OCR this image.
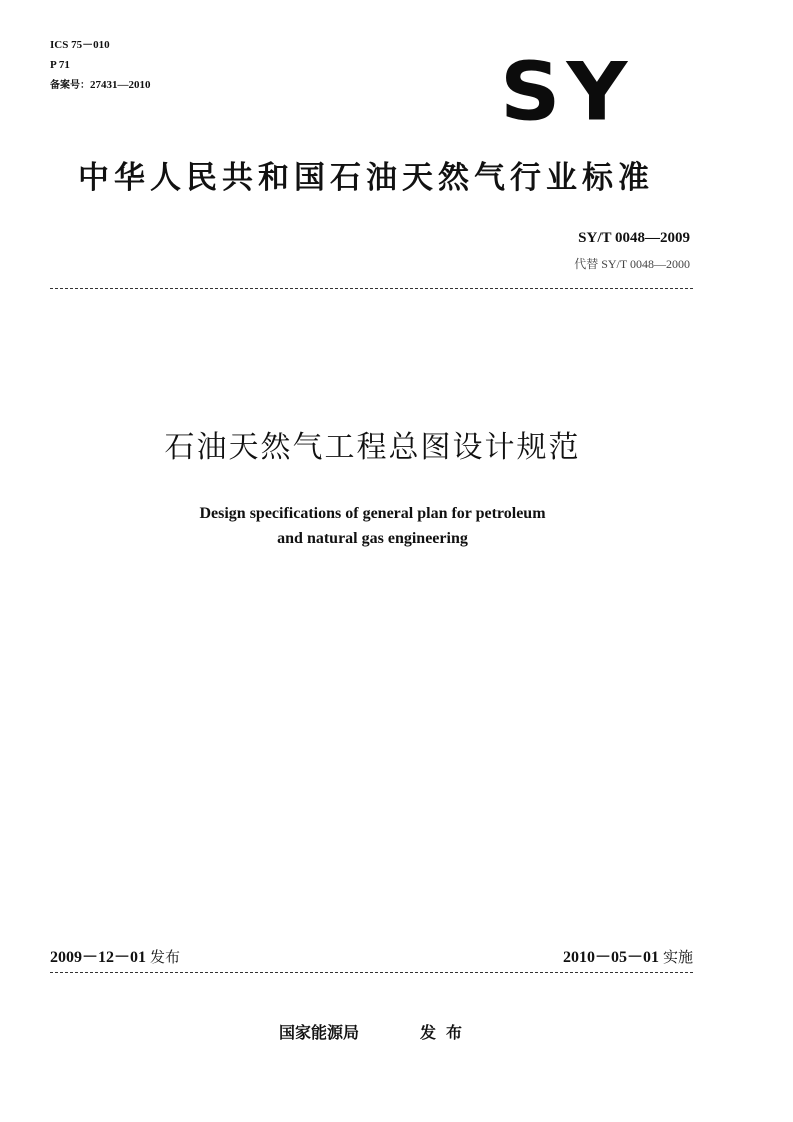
ICS 75－010
P 71
备案号：27431—2010	SY
中华人民共和国石油天然气行业标准
SY/T 0048—2009
代替 SY/T 0048—2000
石油天然气工程总图设计规范
Design specifications of general plan for petroleum
and natural gas engineering
2009－12－01 发布	2010－05－01 实施
国家能源局	发布
